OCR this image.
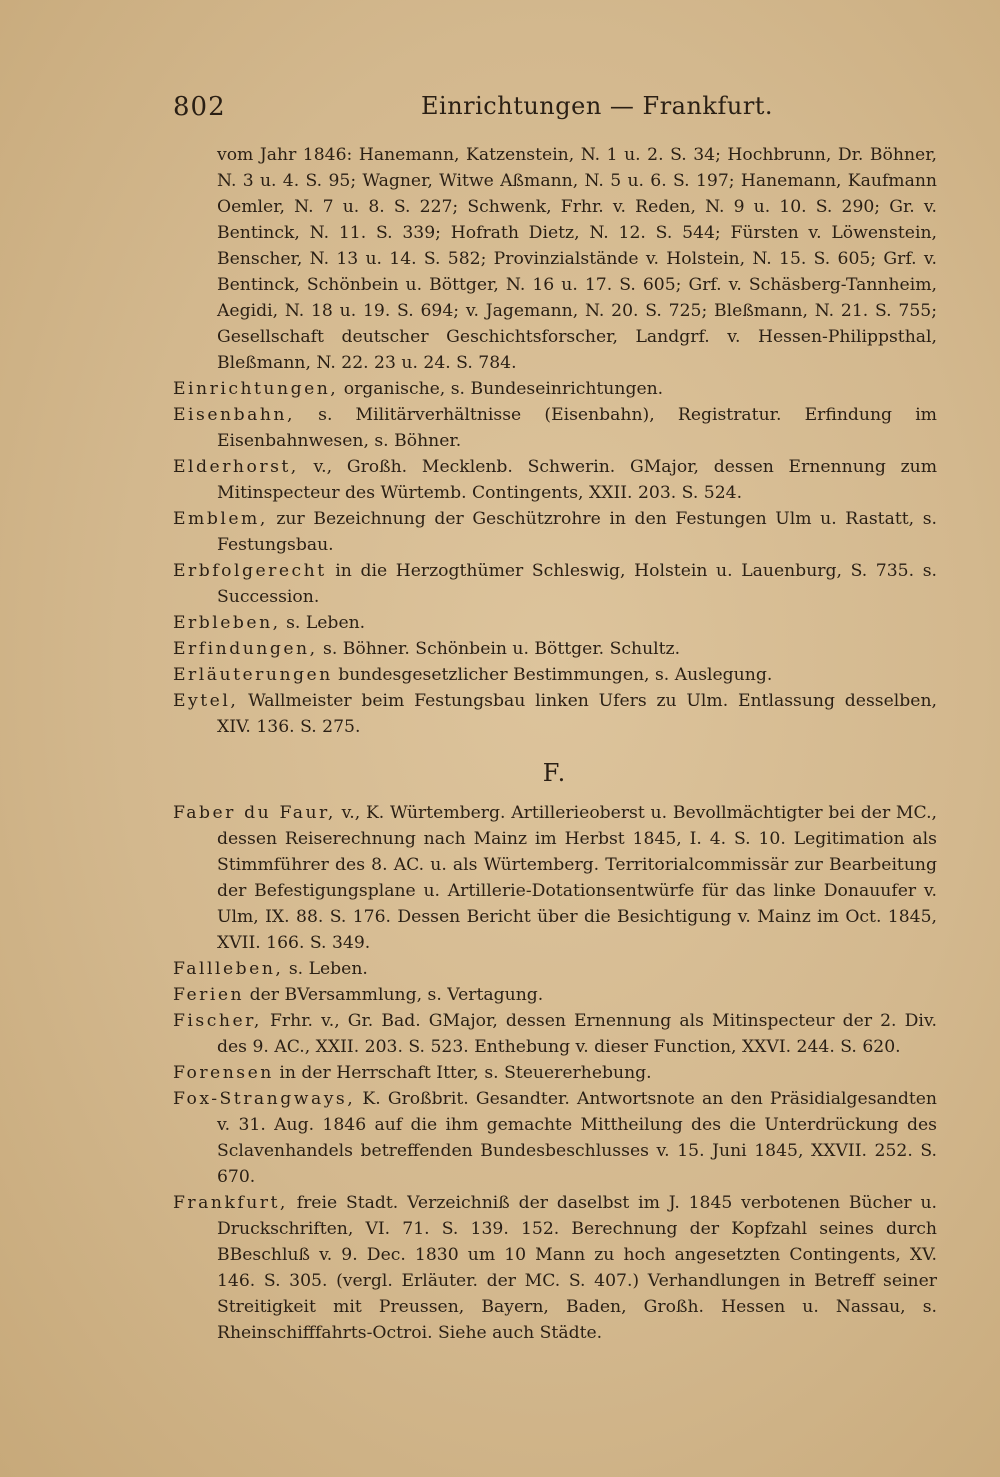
802	Einrichtungen — Frankfurt.

vom Jahr 1846: Hanemann, Katzenstein, N. 1 u. 2. S. 34; Hochbrunn, Dr. Böhner, N. 3 u. 4. S. 95; Wagner, Witwe Aßmann, N. 5 u. 6. S. 197; Hanemann, Kaufmann Oemler, N. 7 u. 8. S. 227; Schwenk, Frhr. v. Reden, N. 9 u. 10. S. 290; Gr. v. Bentinck, N. 11. S. 339; Hofrath Dietz, N. 12. S. 544; Fürsten v. Löwenstein, Benscher, N. 13 u. 14. S. 582; Provinzialstände v. Holstein, N. 15. S. 605; Grf. v. Bentinck, Schönbein u. Böttger, N. 16 u. 17. S. 605; Grf. v. Schäsberg-Tannheim, Aegidi, N. 18 u. 19. S. 694; v. Jagemann, N. 20. S. 725; Bleßmann, N. 21. S. 755; Gesellschaft deutscher Geschichtsforscher, Landgrf. v. Hessen-Philippsthal, Bleßmann, N. 22. 23 u. 24. S. 784.

Einrichtungen, organische, s. Bundeseinrichtungen.

Eisenbahn, s. Militärverhältnisse (Eisenbahn), Registratur. Erfindung im Eisenbahnwesen, s. Böhner.

Elderhorst, v., Großh. Mecklenb. Schwerin. GMajor, dessen Ernennung zum Mitinspecteur des Würtemb. Contingents, XXII. 203. S. 524.

Emblem, zur Bezeichnung der Geschützrohre in den Festungen Ulm u. Rastatt, s. Festungsbau.

Erbfolgerecht in die Herzogthümer Schleswig, Holstein u. Lauenburg, S. 735. s. Succession.

Erbleben, s. Leben.

Erfindungen, s. Böhner. Schönbein u. Böttger. Schultz.

Erläuterungen bundesgesetzlicher Bestimmungen, s. Auslegung.

Eytel, Wallmeister beim Festungsbau linken Ufers zu Ulm. Entlassung desselben, XIV. 136. S. 275.

F.

Faber du Faur, v., K. Würtemberg. Artillerieoberst u. Bevollmächtigter bei der MC., dessen Reiserechnung nach Mainz im Herbst 1845, I. 4. S. 10. Legitimation als Stimmführer des 8. AC. u. als Würtemberg. Territorialcommissär zur Bearbeitung der Befestigungsplane u. Artillerie-Dotationsentwürfe für das linke Donauufer v. Ulm, IX. 88. S. 176. Dessen Bericht über die Besichtigung v. Mainz im Oct. 1845, XVII. 166. S. 349.

Fallleben, s. Leben.

Ferien der BVersammlung, s. Vertagung.

Fischer, Frhr. v., Gr. Bad. GMajor, dessen Ernennung als Mitinspecteur der 2. Div. des 9. AC., XXII. 203. S. 523. Enthebung v. dieser Function, XXVI. 244. S. 620.

Forensen in der Herrschaft Itter, s. Steuererhebung.

Fox-Strangways, K. Großbrit. Gesandter. Antwortsnote an den Präsidialgesandten v. 31. Aug. 1846 auf die ihm gemachte Mittheilung des die Unterdrückung des Sclavenhandels betreffenden Bundesbeschlusses v. 15. Juni 1845, XXVII. 252. S. 670.

Frankfurt, freie Stadt. Verzeichniß der daselbst im J. 1845 verbotenen Bücher u. Druckschriften, VI. 71. S. 139. 152. Berechnung der Kopfzahl seines durch BBeschluß v. 9. Dec. 1830 um 10 Mann zu hoch angesetzten Contingents, XV. 146. S. 305. (vergl. Erläuter. der MC. S. 407.) Verhandlungen in Betreff seiner Streitigkeit mit Preussen, Bayern, Baden, Großh. Hessen u. Nassau, s. Rheinschifffahrts-Octroi. Siehe auch Städte.
